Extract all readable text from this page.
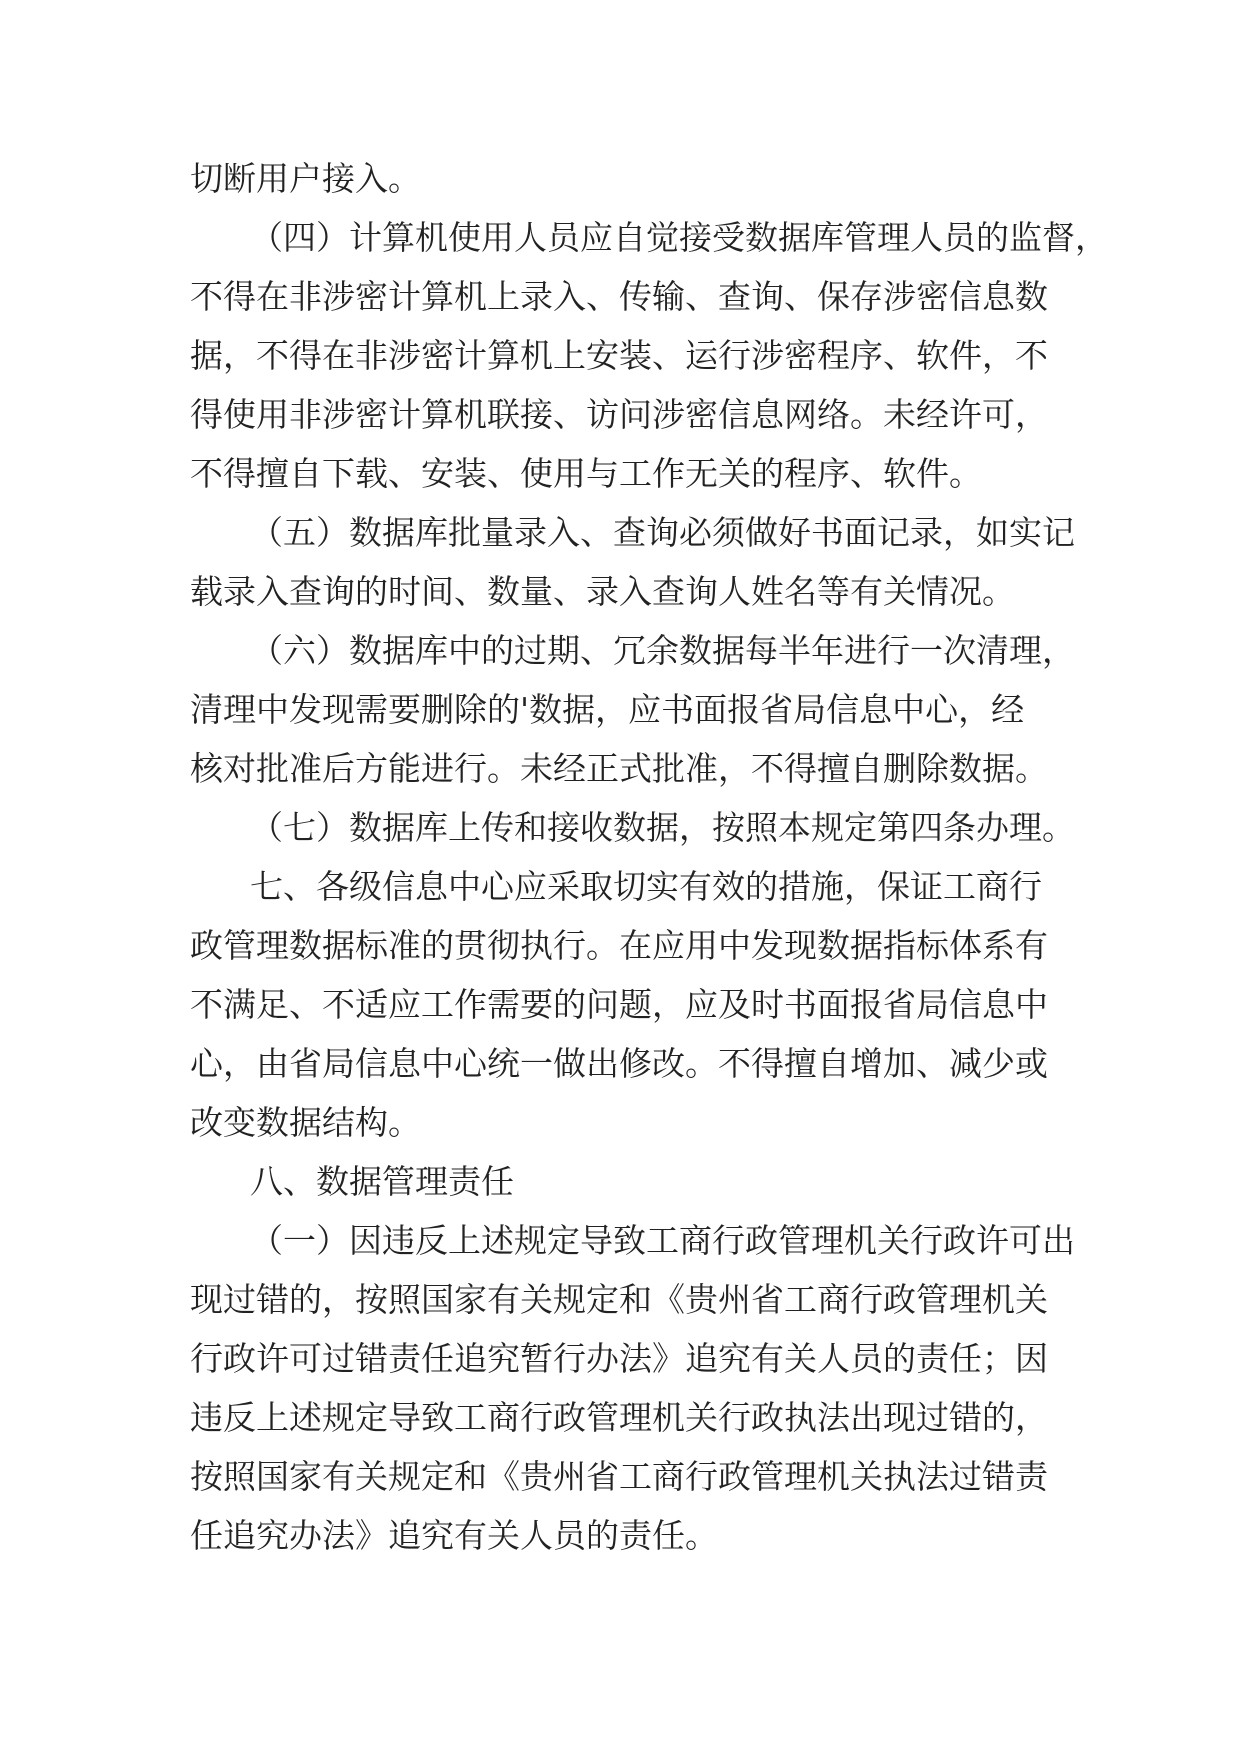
切断用户接入。
（四）计算机使用人员应自觉接受数据库管理人员的监督，
不得在非涉密计算机上录入、传输、查询、保存涉密信息数
据，不得在非涉密计算机上安装、运行涉密程序、软件，不
得使用非涉密计算机联接、访问涉密信息网络。未经许可，
不得擅自下载、安装、使用与工作无关的程序、软件。
（五）数据库批量录入、查询必须做好书面记录，如实记
载录入查询的时间、数量、录入查询人姓名等有关情况。
（六）数据库中的过期、冗余数据每半年进行一次清理，
清理中发现需要删除的'数据，应书面报省局信息中心，经
核对批准后方能进行。未经正式批准，不得擅自删除数据。
（七）数据库上传和接收数据，按照本规定第四条办理。
七、各级信息中心应采取切实有效的措施，保证工商行
政管理数据标准的贯彻执行。在应用中发现数据指标体系有
不满足、不适应工作需要的问题，应及时书面报省局信息中
心，由省局信息中心统一做出修改。不得擅自增加、减少或
改变数据结构。
八、数据管理责任
（一）因违反上述规定导致工商行政管理机关行政许可出
现过错的，按照国家有关规定和《贵州省工商行政管理机关
行政许可过错责任追究暂行办法》追究有关人员的责任；因
违反上述规定导致工商行政管理机关行政执法出现过错的，
按照国家有关规定和《贵州省工商行政管理机关执法过错责
任追究办法》追究有关人员的责任。
